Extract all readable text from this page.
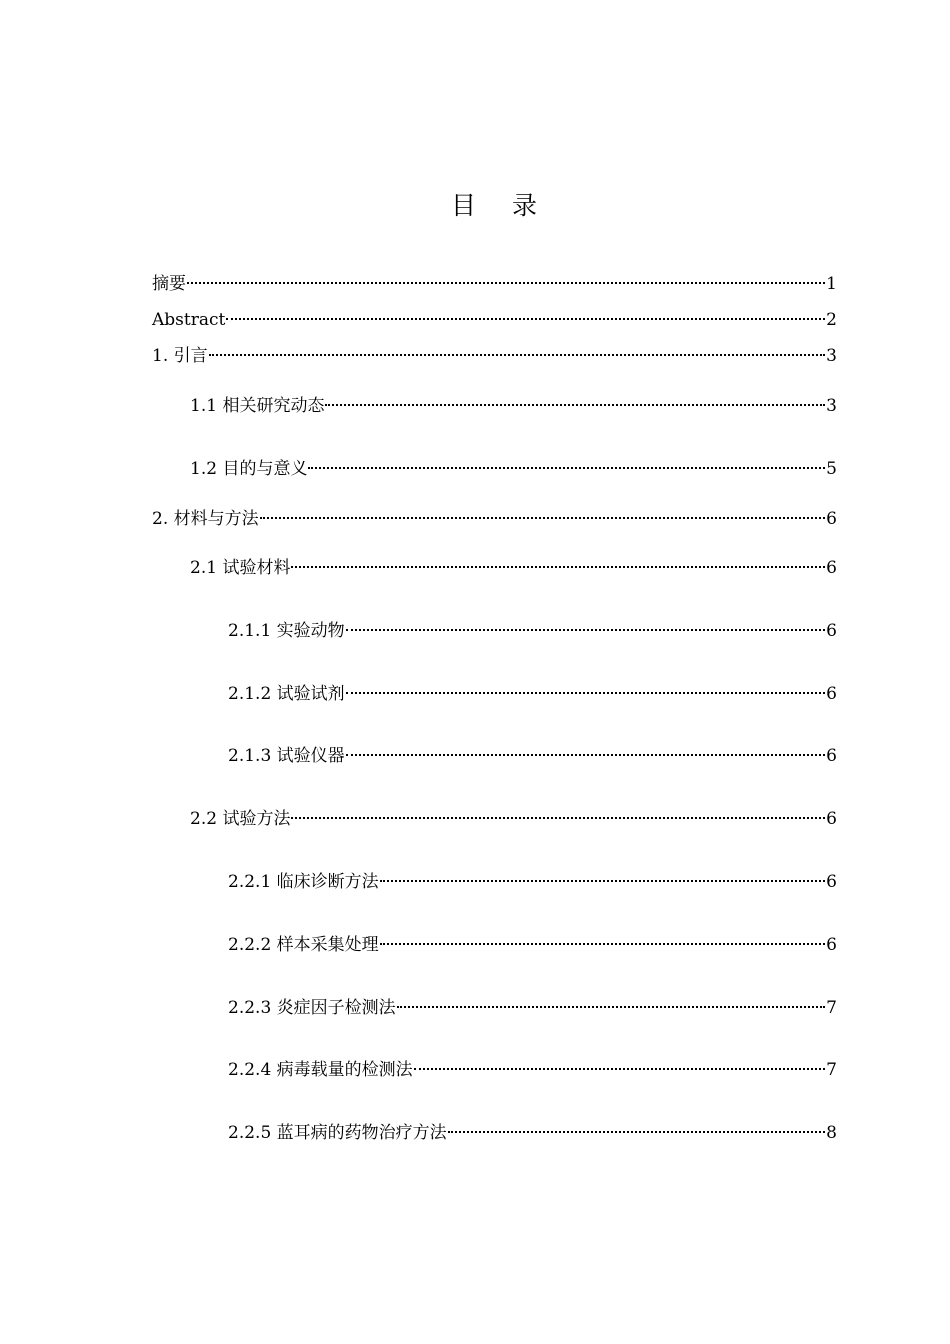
目 录
摘要	1
Abstract	2
1. 引言	3
1.1 相关研究动态	3
1.2 目的与意义	5
2. 材料与方法	6
2.1 试验材料	6
2.1.1 实验动物	6
2.1.2 试验试剂	6
2.1.3 试验仪器	6
2.2 试验方法	6
2.2.1 临床诊断方法	6
2.2.2 样本采集处理	6
2.2.3 炎症因子检测法	7
2.2.4 病毒载量的检测法	7
2.2.5 蓝耳病的药物治疗方法	8
